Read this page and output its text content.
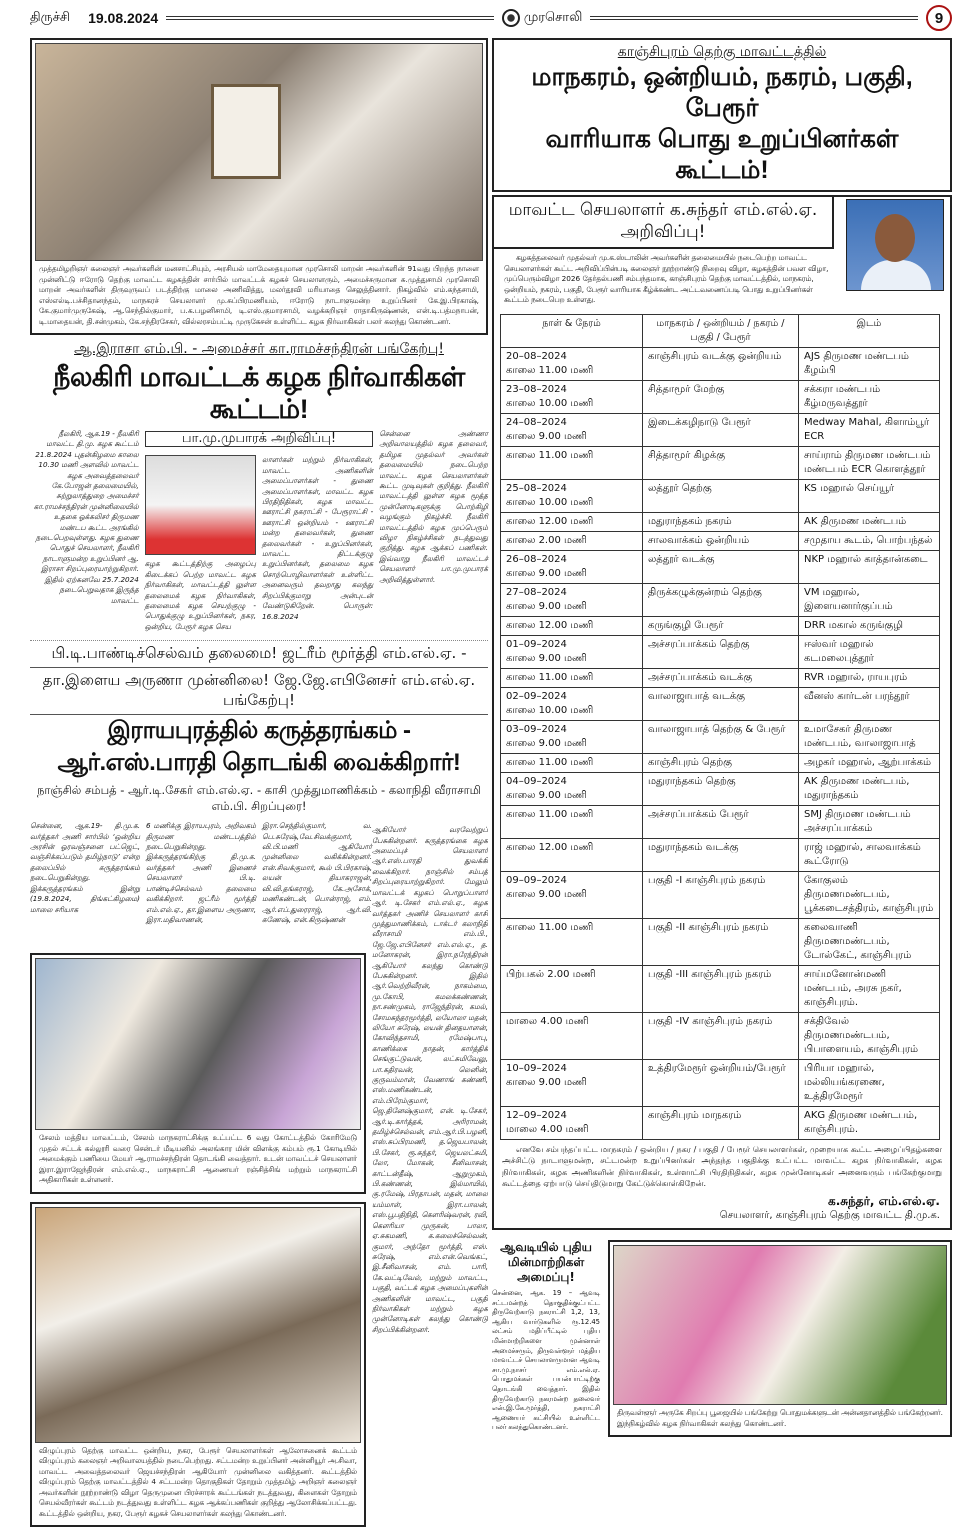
திருச்சி 19.08.2024	முரசொலி	9
முத்தமிழறிஞர் கலைஞர் அவர்களின் மனசாட்சியும், அரசியல் மாமேதையுமான முரசொலி மாறன் அவர்களின் 91வது பிறந்த நாளை முன்னிட்டு ஈரோடு தெற்கு மாவட்ட கழகத்தின் சார்பில் மாவட்டக் கழகச் செயலாளரும், அமைச்சருமான சு.முத்துசாமி முரசொலி மாறன் அவர்களின் திருவுருவப் படத்திற்கு மாலை அணிவித்து, மலர்தூவி மரியாதை செலுத்தினார். நிகழ்வில் எம்.கந்தசாமி, எஸ்எல்டி.பச்சிதானந்தம், மாநகரச் செயலாளர் மு.சுப்பிரமணியம், ஈரோடு நாடாளுமன்ற உறுப்பினர் கே.இ.பிரகாஷ், கே.குமார்முருகேஷ், ஆ.செந்தில்குமார், ப.க.பழனிசாமி, டி.எஸ்.குமாரசாமி, வழக்கறிஞர் ராதாகிருஷ்ணன், என்.டி.பத்மநாபன், டி.மாதையன், தி.சன்முகம், கே.சந்திரசேகர், வில்லரசம்பட்டி முருகேசன் உள்ளிட்ட கழக நிர்வாகிகள் பலர் கலந்து கொண்டனர்.
ஆ.இராசா எம்.பி. - அமைச்சர் கா.ராமச்சந்திரன் பங்கேற்பு!
நீலகிரி மாவட்டக் கழக நிர்வாகிகள் கூட்டம்!
நீலகிரி, ஆக.19 - நீலகிரி மாவட்ட தி.மு. கழக கூட்டம் 21.8.2024 புதன்கிழமை காலை 10.30 மணி அளவில் மாவட்ட கழக அவைத்தலைவர் கே.போஜன் தலைமையில், சுற்றுலாத்துறை அமைச்சர் கா.ராமச்சந்திரன் முன்னிலையில் உதகை ஓக்கலிசர் திருமண மண்டப கூட்ட அரங்கில் நடைபெறவுள்ளது. கழக துணை பொதுச் செயலாளர், நீலகிரி நாடாளுமன்ற உறுப்பினர் ஆ. இராசா சிறப்புரையாற்றுகிறார். இதில் ஏற்கனவே 25.7.2024 நடைபெறுவதாக இருந்த மாவட்ட
பா.மு.முபாரக் அறிவிப்பு!
கழக கூட்டத்திற்கு அழைப்பு கிடைக்கப் பெற்ற மாவட்ட கழக நிர்வாகிகள், மாவட்டத்தி லுள்ள தலைமைக் கழக நிர்வாகிகள், தலைமைக் கழக செயற்குழு - பொதுக்குழு உறுப்பினர்கள், நகர, ஒன்றிய, பேரூர் கழக செய
லாளர்கள் மற்றும் நிர்வாகிகள், மாவட்ட அணிகளின் அமைப்பாளர்கள் - துணை அமைப்பாளர்கள், மாவட்ட கழக பிரதிநிதிகள், கழக மாவட்ட ஊராட்சி நகராட்சி - பேரூராட்சி - ஊராட்சி ஒன்றியம் - ஊராட்சி மன்ற தலைவர்கள், துணை தலைவர்கள் - உறுப்பினர்கள், மாவட்ட திட்டக்குழு உறுப்பினர்கள், தலைமை கழக சொற்பொழிவாளர்கள் உள்ளிட்ட அனைவரும் தவறாது கலந்து சிறப்பிக்குமாறு அன்புடன் வேண்டுகிறேன். பொருள்: 16.8.2024
சென்னை அண்ணா அறிவாலயத்தில் கழக தலைவர், தமிழக முதல்வர் அவர்கள் தலைமையில் நடைபெற்ற மாவட்ட கழக செயலாளர்கள் கூட்ட முடிவுகள் குறித்து. நீலகிரி மாவட்டத்தி லுள்ள கழக மூத்த முன்னோடிகளுக்கு பொற்கிழி வழங்கும் நிகழ்ச்சி. நீலகிரி மாவட்டத்தில் கழக முப்பெரும் விழா நிகழ்ச்சிகள் நடத்துவது குறித்து. கழக ஆக்கப் பணிகள். இவ்வாறு நீலகிரி மாவட்டச் செயலாளர் பா.மு.முபாரக் அறிவித்துள்ளார்.
பி.டி.பாண்டிச்செல்வம் தலைமை! ஜட்ரீம் மூர்த்தி எம்.எல்.ஏ. -
தா.இளைய அருணா முன்னிலை! ஜே.ஜே.எபினேசர் எம்.எல்.ஏ. பங்கேற்பு!
இராயபுரத்தில் கருத்தரங்கம் - ஆர்.எஸ்.பாரதி தொடங்கி வைக்கிறார்!
நாஞ்சில் சம்பத் - ஆர்.டி.சேகர் எம்.எல்.ஏ. - காசி முத்துமாணிக்கம் - கலாநிதி வீராசாமி எம்.பி. சிறப்புரை!
சென்னை, ஆக.19- தி.மு.க. வர்த்தகர் அணி சார்பில் ‘ஒன்றிய அரசின் ஓரவஞ்சனை பட்ஜெட், வஞ்சிக்கப்படும் தமிழ்நாடு’ என்ற தலைப்பில் கருத்தரங்கம் நடைபெறுகின்றது. இக்கருத்தரங்கம் இன்று (19.8.2024, திங்கட்கிழமை) மாலை சரியாக
6 மணிக்கு இராயபுரம், அறிவகம் திருமண மண்டபத்தில் நடைபெறுகின்றது. இக்கருத்தரங்கிற்கு தி.மு.க. வர்த்தகர் அணி இணைச் செயலாளர் பி.டி. பாண்டிச்செல்வம் தலைமை வகிக்கிறார். ஜட்ரீம் மூர்த்தி எம்.எல்.ஏ., தா.இளைய அருணா, இரா.மதிவாணன்,
இரா.செந்தில்குமார், வ. பெ.சுரேஷ்,வே.சிவக்குமார், வி.பி.மணி ஆகியோர் முன்னிலை வகிக்கின்றனர். என்.சிவக்குமார், கூல் பி.பிரகாஷ், லயன் தியாகராஜன், வி.வி.தங்கராஜ், கே.அசோக், மணிகண்டன், பொன்ராஜ், எம். ஆர்.எப்.துரைராஜ், ஆர்.வி. கணேஷ், என்.கிருஷ்ணன்
சேலம் மத்திய மாவட்டம், சேலம் மாநகராட்சிக்கு உட்பட்ட 6 வது கோட்டத்தில் கோரிமேடு முதல் சட்டக் கல்லூரி வரை சென்டர் மீடியனில் அலங்கார மின் விளக்கு கம்பம் ரூ.1 கோடியில் அமைக்கும் பணியை மேயர் ஆ.ராமச்சந்திரன் தொடங்கி வைத்தார். உடன் மாவட்டச் செயலாளர் இரா.இராஜேந்திரன் எம்.எல்.ஏ., மாநகராட்சி ஆணையர் ரஞ்சித்சிங் மற்றும் மாநகராட்சி அதிகாரிகள் உள்ளனர்.
விழுப்புரம் தெற்கு மாவட்ட ஒன்றிய, நகர, பேரூர் செயலாளர்கள் ஆலோசனைக் கூட்டம் விழுப்புரம் கலைஞர் அறிவாலயத்தில் நடைபெற்றது. சட்டமன்ற உறுப்பினர் அன்னியூர் அ.சிவா, மாவட்ட அவைத்தலைவர் ஜெயச்சந்திரன் ஆகியோர் முன்னிலை வகித்தனர். கூட்டத்தில் விழுப்புரம் தெற்கு மாவட்டத்தில் 4 சட்டமன்ற தொகுதிகள் தோறும் முத்தமிழ் அறிஞர் கலைஞர் அவர்களின் நூற்றாண்டு விழா தெருமுனை பிரச்சாரக் கூட்டங்கள் நடத்துவது, கிளைகள் தோறும் செயல்வீரர்கள் கூட்டம் நடத்துவது உள்ளிட்ட கழக ஆக்கப்பணிகள் குறித்து ஆலோசிக்கப்பட்டது. கூட்டத்தில் ஒன்றிய, நகர, பேரூர் கழகச் செயலாளர்கள் கலந்து கொண்டனர்.
ஆகியோர் வரவேற்றுப் பேசுகின்றனர். கருத்தரங்கை கழக அமைப்புச் செயலாளர் ஆர்.எஸ்.பாரதி துவக்கி வைக்கிறார். நாஞ்சில் சம்பத் சிறப்புரையாற்றுகிறார். மேலும் மாவட்டக் கழகப் பொறுப்பாளர் ஆர். டி.சேகர் எம்.எல்.ஏ., கழக வர்த்தகர் அணிச் செயலாளர் காசி முத்துமாணிக்கம், டாக்டர் கலாநிதி வீராசாமி எம்.பி., ஜே.ஜே.எபினேசர் எம்.எல்.ஏ., த. மனோகரன், இரா.நரேந்திரன் ஆகியோர் கலந்து கொண்டு பேசுகின்றனர். இதில் ஆர்.வெற்றிவீரன், நாகம்மை, மு.கோபி, கமலக்கண்ணன், நா.சண்முகம், ராஜேந்திரன், கமல், சோமசுந்தரமூர்த்தி, லயோலா மதன், லியோ சுரேஷ், லயன் தினதயாளன், கோவிந்தசாமி, ரமேஷ்பாபு, காணிக்கை நாதன், கார்த்திக் செங்குட்டுவன், லட்சுமிவேலு, பா.கதிரவன், லெனின், குருவம்மாள், வேணாங் கண்ணி, எஸ்.மணிகண்டன், எம்.பிரேம்குமார், ஜெ.தினேஷ்குமார், என். டி.சேகர், ஆர்.டி.கார்த்தக், அரிராமன், தமிழ்ச்செல்வன், எம்.ஆர்.பி.பழனி, எஸ்.சுப்பிரமணி, த.ஜெயபாலன், பி.சேகர், ரூ.சுந்தர், ஜெயலட்சுமி, லோ, மோகன், சீனிவாசன், காட்டன்தீஷ், ஆறுமுகம், பி.கண்ணன், இல்மாயில், கு.ரமேஷ், பிரதாபன், மதன், மாலை யம்மாள், இரா.பாலன், எஸ்.பூபதிநிதி, கௌரிஷ்வரன், ரவி, கௌரியா முருகன், பாலா, ஏ.சுகமணி, க.கலைச்செல்வன், குமார், அந்தோ மூர்த்தி, எஸ். சுரேஷ், எம்.என்.வெங்கட், இ.சீனிவாசன், எம். பாரி, கே.வட்டிவேல், மற்றும் மாவட்ட, பகுதி, வட்டக் கழக அமைப்புகளின் அணிகளின் மாவட்ட, பகுதி நிர்வாகிகள் மற்றும் கழக முன்னோடிகள் கலந்து கொண்டு சிறப்பிக்கின்றனர்.
காஞ்சிபுரம் தெற்கு மாவட்டத்தில்
மாநகரம், ஒன்றியம், நகரம், பகுதி, பேரூர்
வாரியாக பொது உறுப்பினர்கள் கூட்டம்!
மாவட்ட செயலாளர் க.சுந்தர் எம்.எல்.ஏ. அறிவிப்பு!
கழகத்தலைவர் முதல்வர் மு.க.ஸ்டாலின் அவர்களின் தலைமையில் நடைபெற்ற மாவட்ட செயலாளர்கள் கூட்ட அறிவிப்பின்படி கலைஞர் நூற்றாண்டு நிறைவு விழா, கழகத்தின் பவள விழா, முப்பெரும்விழா 2026 தேர்தல்பணி சம்பந்தமாக, காஞ்சிபுரம் தெற்கு மாவட்டத்தில், மாநகரம், ஒன்றியம், நகரம், பகுதி, பேரூர் வாரியாக கீழ்க்கண்ட அட்டவணைப்படி பொது உறுப்பினர்கள் கூட்டம் நடைபெற உள்ளது.
நாள் & நேரம்	மாநகரம் / ஒன்றியம் / நகரம் / பகுதி / பேரூர்	இடம்

20–08–2024
காலை 11.00 மணி	காஞ்சிபுரம் வடக்கு ஒன்றியம்	AJS திருமண மண்டபம் கீழம்பி

23–08–2024
காலை 10.00 மணி	சித்தாமூர் மேற்கு	சக்கரா மண்டபம் கீழ்மருவத்தூர்

24–08–2024
காலை 9.00 மணி	இடைக்கழிநாடு பேரூர்	Medway Mahal, கிளாம்பூர் ECR

காலை 11.00 மணி	சித்தாமூர் கிழக்கு	சாய்ராம் திருமண மண்டபம் மண்டபம் ECR கொளத்தூர்

25–08–2024
காலை 10.00 மணி	லத்தூர் தெற்கு	KS மஹால் செய்யூர்

காலை 12.00 மணி	மதுராந்தகம் நகரம்	AK திருமண மண்டபம்

காலை 2.00 மணி	சாலவாக்கம் ஒன்றியம்	சமுதாய கூடம், பொற்பந்தல்

26–08–2024
காலை 9.00 மணி	லத்தூர் வடக்கு	NKP மஹால் காத்தான்கடை

27–08–2024
காலை 9.00 மணி	திருக்கழுக்குன்றம் தெற்கு	VM மஹால், இளையனார்குப்பம்

காலை 12.00 மணி	கருங்குழி பேரூர்	DRR மகால் கருங்குழி

01–09–2024
காலை 9.00 மணி	அச்சரப்பாக்கம் தெற்கு	ஈஸ்வர் மஹால் கடமலைபுத்தூர்

காலை 11.00 மணி	அச்சரப்பாக்கம் வடக்கு	RVR மஹால், ராயபுரம்

02–09–2024
காலை 10.00 மணி	வாலாஜாபாத் வடக்கு	வீனஸ் கார்டன் பரந்தூர்

03–09–2024
காலை 9.00 மணி	வாலாஜாபாத் தெற்கு & பேரூர்	உமாசேகர் திருமண மண்டபம், வாலாஜாபாத்

காலை 11.00 மணி	காஞ்சிபுரம் தெற்கு	அழகர் மஹால், ஆற்பாக்கம்

04–09–2024
காலை 9.00 மணி	மதுராந்தகம் தெற்கு	AK திருமண மண்டபம், மதுராந்தகம்

காலை 11.00 மணி	அச்சரப்பாக்கம் பேரூர்	SMJ திருமண மண்டபம் அச்சரப்பாக்கம்

காலை 12.00 மணி	மதுராந்தகம் வடக்கு	ராஜ் மஹால், சாலவாக்கம் கூட்ரோடு

09–09–2024
காலை 9.00 மணி	பகுதி -I காஞ்சிபுரம் நகரம்	கோகுலம் திருமணமண்டபம், பூக்கடைசத்திரம், காஞ்சிபுரம்

காலை 11.00 மணி	பகுதி -II காஞ்சிபுரம் நகரம்	கலைவாணி திருமணமண்டபம், டோல்கேட், காஞ்சிபுரம்

பிற்பகல் 2.00 மணி	பகுதி -III காஞ்சிபுரம் நகரம்	சாய்மனோன்மணி மண்டபம், அரசு நகர், காஞ்சிபுரம்.

மாலை 4.00 மணி	பகுதி -IV காஞ்சிபுரம் நகரம்	சக்திவேல் திருமணமண்டபம், பிபாளையம், காஞ்சிபுரம்

10–09–2024
காலை 9.00 மணி	உத்திரமேரூர் ஒன்றியம்/பேரூர்	பிரியா மஹால், மல்லியங்கரணை, உத்திரமேரூர்

12–09–2024
மாலை 4.00 மணி	காஞ்சிபுரம் மாநகரம்	AKG திருமண மண்டபம், காஞ்சிபுரம்.
எனவே சம்பந்தப்பட்ட மாநகரம் / ஒன்றிய / நகர / பகுதி / பேரூர் செயலாளர்கள், முறையாக கூட்ட அழைப்பிதழ்களை அச்சிட்டு நாடாளுமன்ற, சட்டமன்ற உறுப்பினர்கள் அந்தந்த பகுதிக்கு உட்பட்ட மாவட்ட கழக நிர்வாகிகள், கழக நிர்வாகிகள், கழக அணிகளின் நிர்வாகிகள், உள்ளாட்சி பிரதிநிதிகள், கழக முன்னோடிகள் அனைவரும் பங்கேற்குமாறு கூட்டத்தை ஏற்பாடு செய்திடுமாறு கேட்டுக்கொள்கிறேன்.
க.சுந்தர், எம்.எல்.ஏ.
செயலாளர், காஞ்சிபுரம் தெற்கு மாவட்ட தி.மு.க.
ஆவடியில் புதிய மின்மாற்றிகள் அமைப்பு!
சென்னை, ஆக. 19 – ஆவடி சட்டமன்றத் தொகுதிக்குட்பட்ட திருவேற்காடு நகராட்சி 1,2, 13, ஆகிய வார்டுகளில் ரூ.12.45 லட்சம் மதிப்பீட்டில் புதிய மின்மாற்றிகளை முன்னாள் அமைச்சரும், திருவள்ளூர் மத்திய மாவட்டச் செயலாளருமான ஆவடி சா.மு.நாசர் எம்.எல்.ஏ. பொதுமக்கள் பயன்பாட்டிற்கு தொடங்கி வைத்தார். இதில் திருவேற்காடு நகரமன்ற தலைவர் என்.இ.கே.மூர்த்தி, நகராட்சி ஆணையர் கட்சியில் உள்ளிட்ட பலர் கலந்துகொண்டனர்.
திருவள்ளூர் அருகே சிறப்பு பூஜையில் பங்கேற்று பொதுமக்களுடன் அன்னதானத்தில் பங்கேற்றனர். இந்நிகழ்வில் கழக நிர்வாகிகள் கலந்து கொண்டனர்.
